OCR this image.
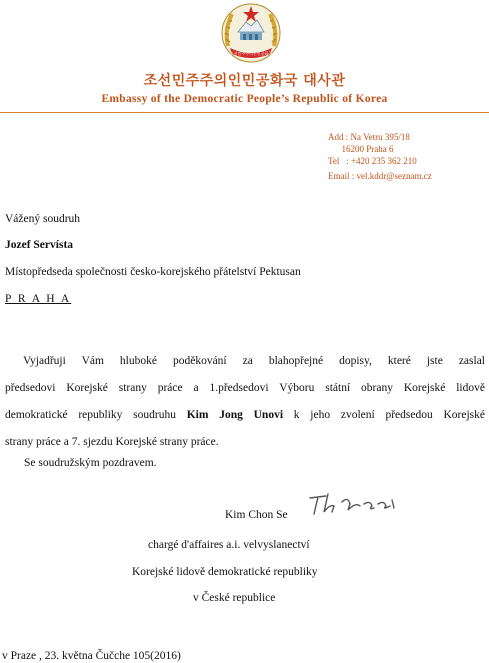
조선민주주의인민공화국
조선민주주의인민공화국 대사관
Embassy of the Democratic People’s Republic of Korea
Add : Na Vetru 395/18
16200 Praha 6
Tel   : +420 235 362 210
Email : vel.kddr@seznam.cz
Vážený soudruh
Jozef Servísta
Místopředseda společnosti česko-korejského přátelství Pektusan
P R A H A
Vyjadřuji Vám hluboké poděkování za blahopřejné dopisy, které jste zaslal
předsedovi Korejské strany práce a 1.předsedovi Výboru státní obrany Korejské lidově
demokratické republiky soudruhu Kim Jong Unovi k jeho zvolení předsedou Korejské
strany práce a 7. sjezdu Korejské strany práce.
Se soudružským pozdravem.
Kim Chon Se
chargé d'affaires a.i. velvyslanectví
Korejské lidově demokratické republiky
v České republice
v Praze , 23. května Čučche 105(2016)
